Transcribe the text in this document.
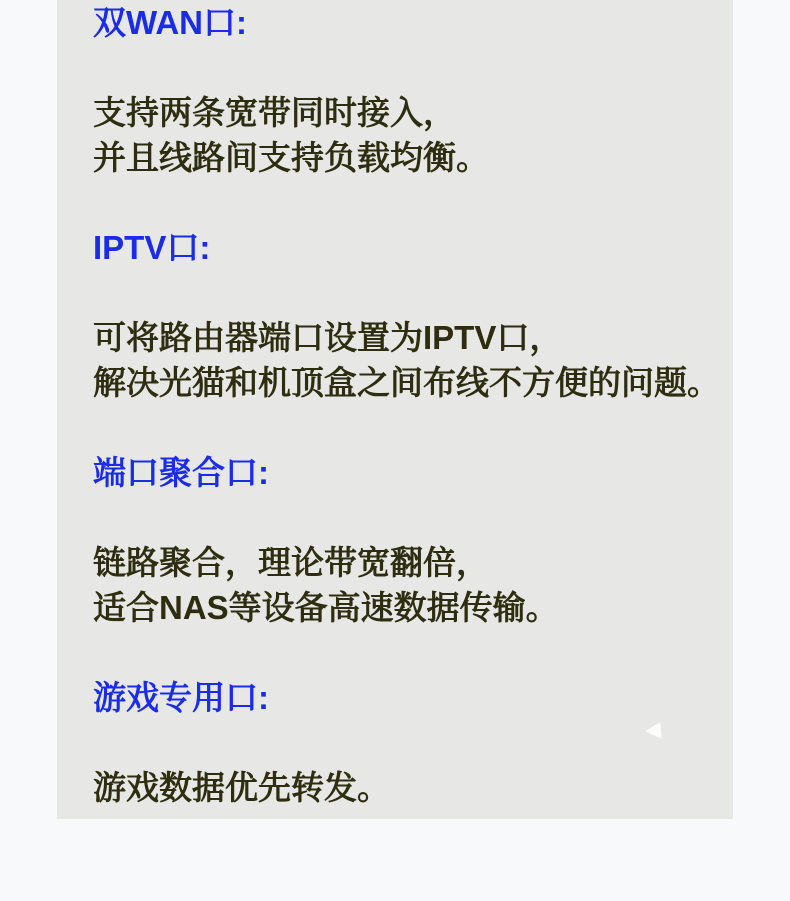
双WAN口:

支持两条宽带同时接入，
并且线路间支持负载均衡。

IPTV口:

可将路由器端口设置为IPTV口，
解决光猫和机顶盒之间布线不方便的问题。

端口聚合口:

链路聚合，理论带宽翻倍，
适合NAS等设备高速数据传输。

游戏专用口:

游戏数据优先转发。
